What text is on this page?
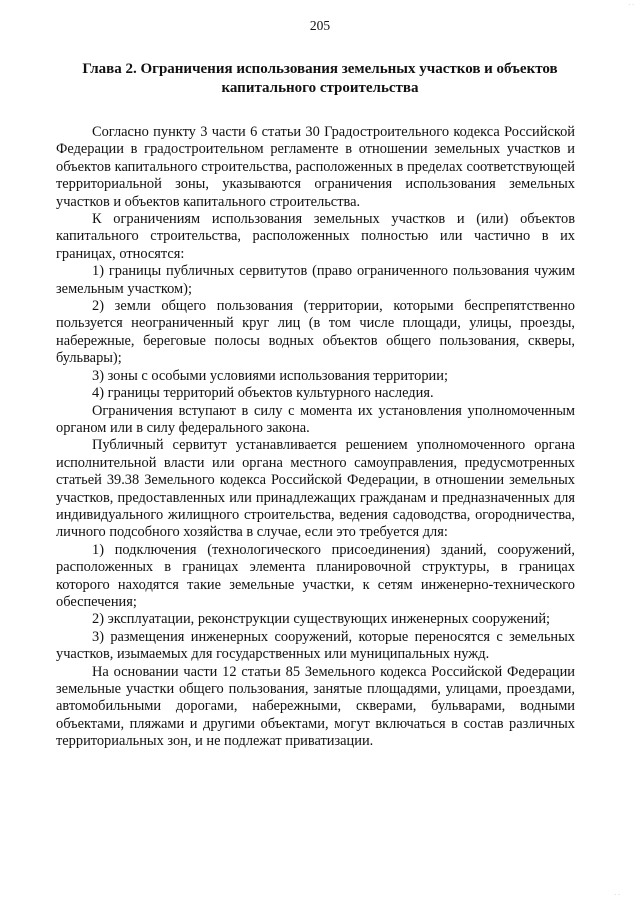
· ·
205
Глава 2. Ограничения использования земельных участков и объектов капитального строительства

Согласно пункту 3 части 6 статьи 30 Градостроительного кодекса Российской Федерации в градостроительном регламенте в отношении земельных участков и объектов капитального строительства, расположенных в пределах соответствующей территориальной зоны, указываются ограничения использования земельных участков и объектов капитального строительства.

К ограничениям использования земельных участков и (или) объектов капитального строительства, расположенных полностью или частично в их границах, относятся:

1) границы публичных сервитутов (право ограниченного пользования чужим земельным участком);

2) земли общего пользования (территории, которыми беспрепятственно пользуется неограниченный круг лиц (в том числе площади, улицы, проезды, набережные, береговые полосы водных объектов общего пользования, скверы, бульвары);

3) зоны с особыми условиями использования территории;

4) границы территорий объектов культурного наследия.

Ограничения вступают в силу с момента их установления уполномоченным органом или в силу федерального закона.

Публичный сервитут устанавливается решением уполномоченного органа исполнительной власти или органа местного самоуправления, предусмотренных статьей 39.38 Земельного кодекса Российской Федерации, в отношении земельных участков, предоставленных или принадлежащих гражданам и предназначенных для индивидуального жилищного строительства, ведения садоводства, огородничества, личного подсобного хозяйства в случае, если это требуется для:

1) подключения (технологического присоединения) зданий, сооружений, расположенных в границах элемента планировочной структуры, в границах которого находятся такие земельные участки, к сетям инженерно-технического обеспечения;

2) эксплуатации, реконструкции существующих инженерных сооружений;

3) размещения инженерных сооружений, которые переносятся с земельных участков, изымаемых для государственных или муниципальных нужд.

На основании части 12 статьи 85 Земельного кодекса Российской Федерации земельные участки общего пользования, занятые площадями, улицами, проездами, автомобильными дорогами, набережными, скверами, бульварами, водными объектами, пляжами и другими объектами, могут включаться в состав различных территориальных зон, и не подлежат приватизации.

· ·
